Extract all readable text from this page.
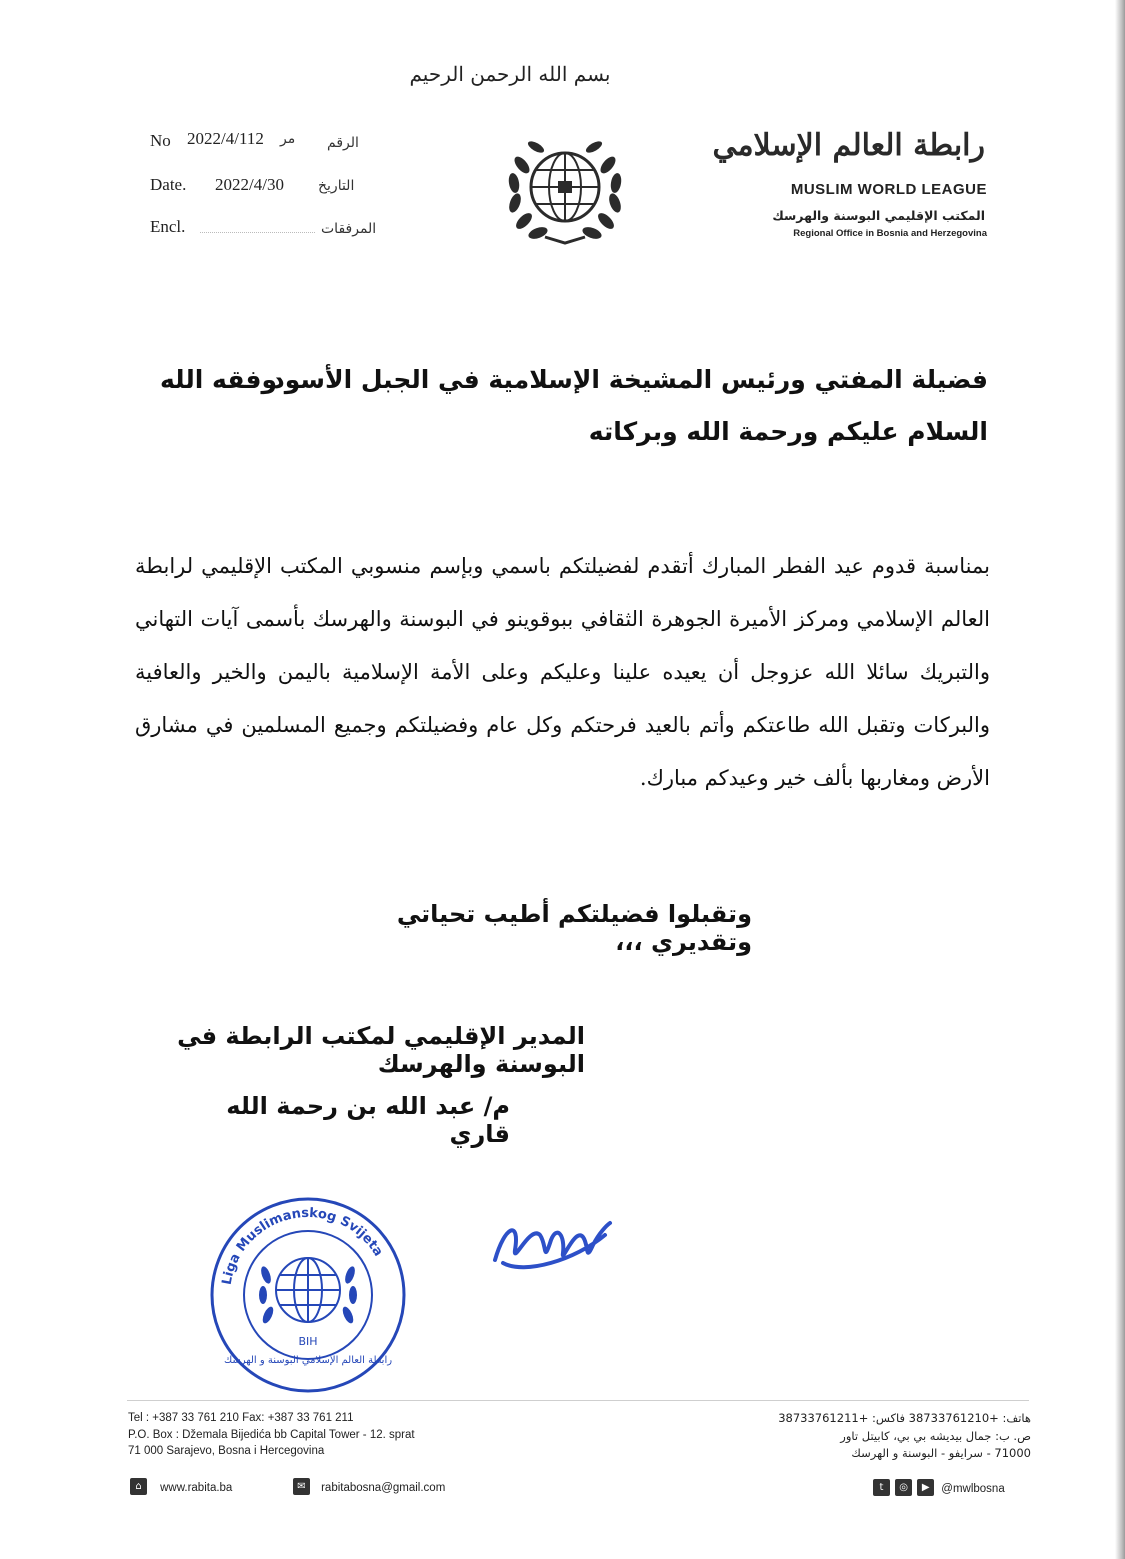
بسم الله الرحمن الرحيم
No 2022/4/112 مر الرقم
Date. 2022/4/30 التاريخ
Encl.	المرفقات
رابطة العالم الإسلامي
MUSLIM WORLD LEAGUE
المكتب الإقليمي البوسنة والهرسك
Regional Office in Bosnia and Herzegovina
فضيلة المفتي ورئيس المشيخة الإسلامية في الجبل الأسود
وفقه الله
السلام عليكم ورحمة الله وبركاته
بمناسبة قدوم عيد الفطر المبارك أتقدم لفضيلتكم باسمي وبإسم منسوبي المكتب الإقليمي لرابطة العالم الإسلامي ومركز الأميرة الجوهرة الثقافي ببوقوينو في البوسنة والهرسك بأسمى آيات التهاني والتبريك سائلا الله عزوجل أن يعيده علينا وعليكم وعلى الأمة الإسلامية باليمن والخير والعافية والبركات وتقبل الله طاعتكم وأتم بالعيد فرحتكم وكل عام وفضيلتكم وجميع المسلمين في مشارق الأرض ومغاربها بألف خير وعيدكم مبارك.
وتقبلوا فضيلتكم أطيب تحياتي وتقديري ،،،
المدير الإقليمي لمكتب الرابطة في البوسنة والهرسك
م/ عبد الله بن رحمة الله قاري
Liga Muslimanskog Svijeta
BIH
رابطة العالم الإسلامي البوسنة و الهرسك
Tel : +387 33 761 210 Fax: +387 33 761 211
P.O. Box : Džemala Bijedića bb Capital Tower - 12. sprat
71 000 Sarajevo, Bosna i Hercegovina
هاتف: +38733761210 فاكس: +38733761211
ص. ب: جمال بيديشه بي بي، كابيتل تاور
71000 - سرايفو - البوسنة و الهرسك
⌂ www.rabita.ba	✉ rabitabosna@gmail.com	t ◎ ▶ @mwlbosna
